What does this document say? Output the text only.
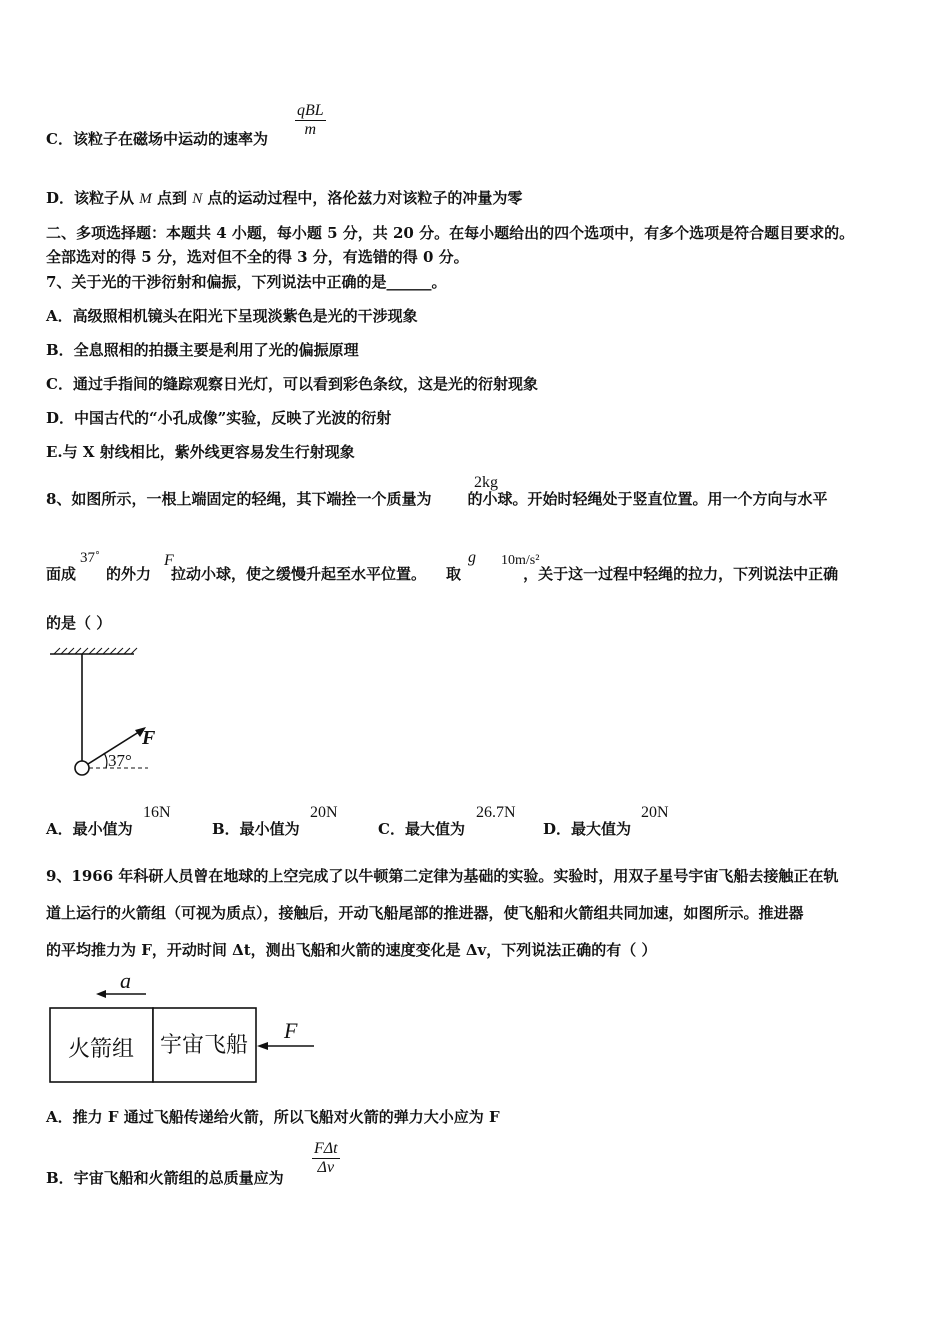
C．该粒子在磁场中运动的速率为
qBL
m
D．该粒子从 M 点到 N 点的运动过程中，洛伦兹力对该粒子的冲量为零
二、多项选择题：本题共 4 小题，每小题 5 分，共 20 分。在每小题给出的四个选项中，有多个选项是符合题目要求的。
全部选对的得 5 分，选对但不全的得 3 分，有选错的得 0 分。
7、关于光的干涉衍射和偏振，下列说法中正确的是______。
A．高级照相机镜头在阳光下呈现淡紫色是光的干涉现象
B．全息照相的拍摄主要是利用了光的偏振原理
C．通过手指间的缝踪观察日光灯，可以看到彩色条纹，这是光的衍射现象
D．中国古代的“小孔成像”实验，反映了光波的衍射
E.与 X 射线相比，紫外线更容易发生行射现象
8、如图所示，一根上端固定的轻绳，其下端拴一个质量为 的小球。开始时轻绳处于竖直位置。用一个方向与水平
2kg
面成 的外力 拉动小球，使之缓慢升起至水平位置。 取	，关于这一过程中轻绳的拉力，下列说法中正确
37˚	F	g 10m/s²
的是（ ）
F
37°
A．最小值为
16N
B．最小值为
20N
C．最大值为
26.7N
D．最大值为
20N
9、1966 年科研人员曾在地球的上空完成了以牛顿第二定律为基础的实验。实验时，用双子星号宇宙飞船去接触正在轨
道上运行的火箭组（可视为质点），接触后，开动飞船尾部的推进器，使飞船和火箭组共同加速，如图所示。推进器
的平均推力为 F，开动时间 Δt，测出飞船和火箭的速度变化是 Δv，下列说法正确的有（ ）
a
火箭组 宇宙飞船
F
A．推力 F 通过飞船传递给火箭，所以飞船对火箭的弹力大小应为 F
B．宇宙飞船和火箭组的总质量应为
FΔt
Δv
